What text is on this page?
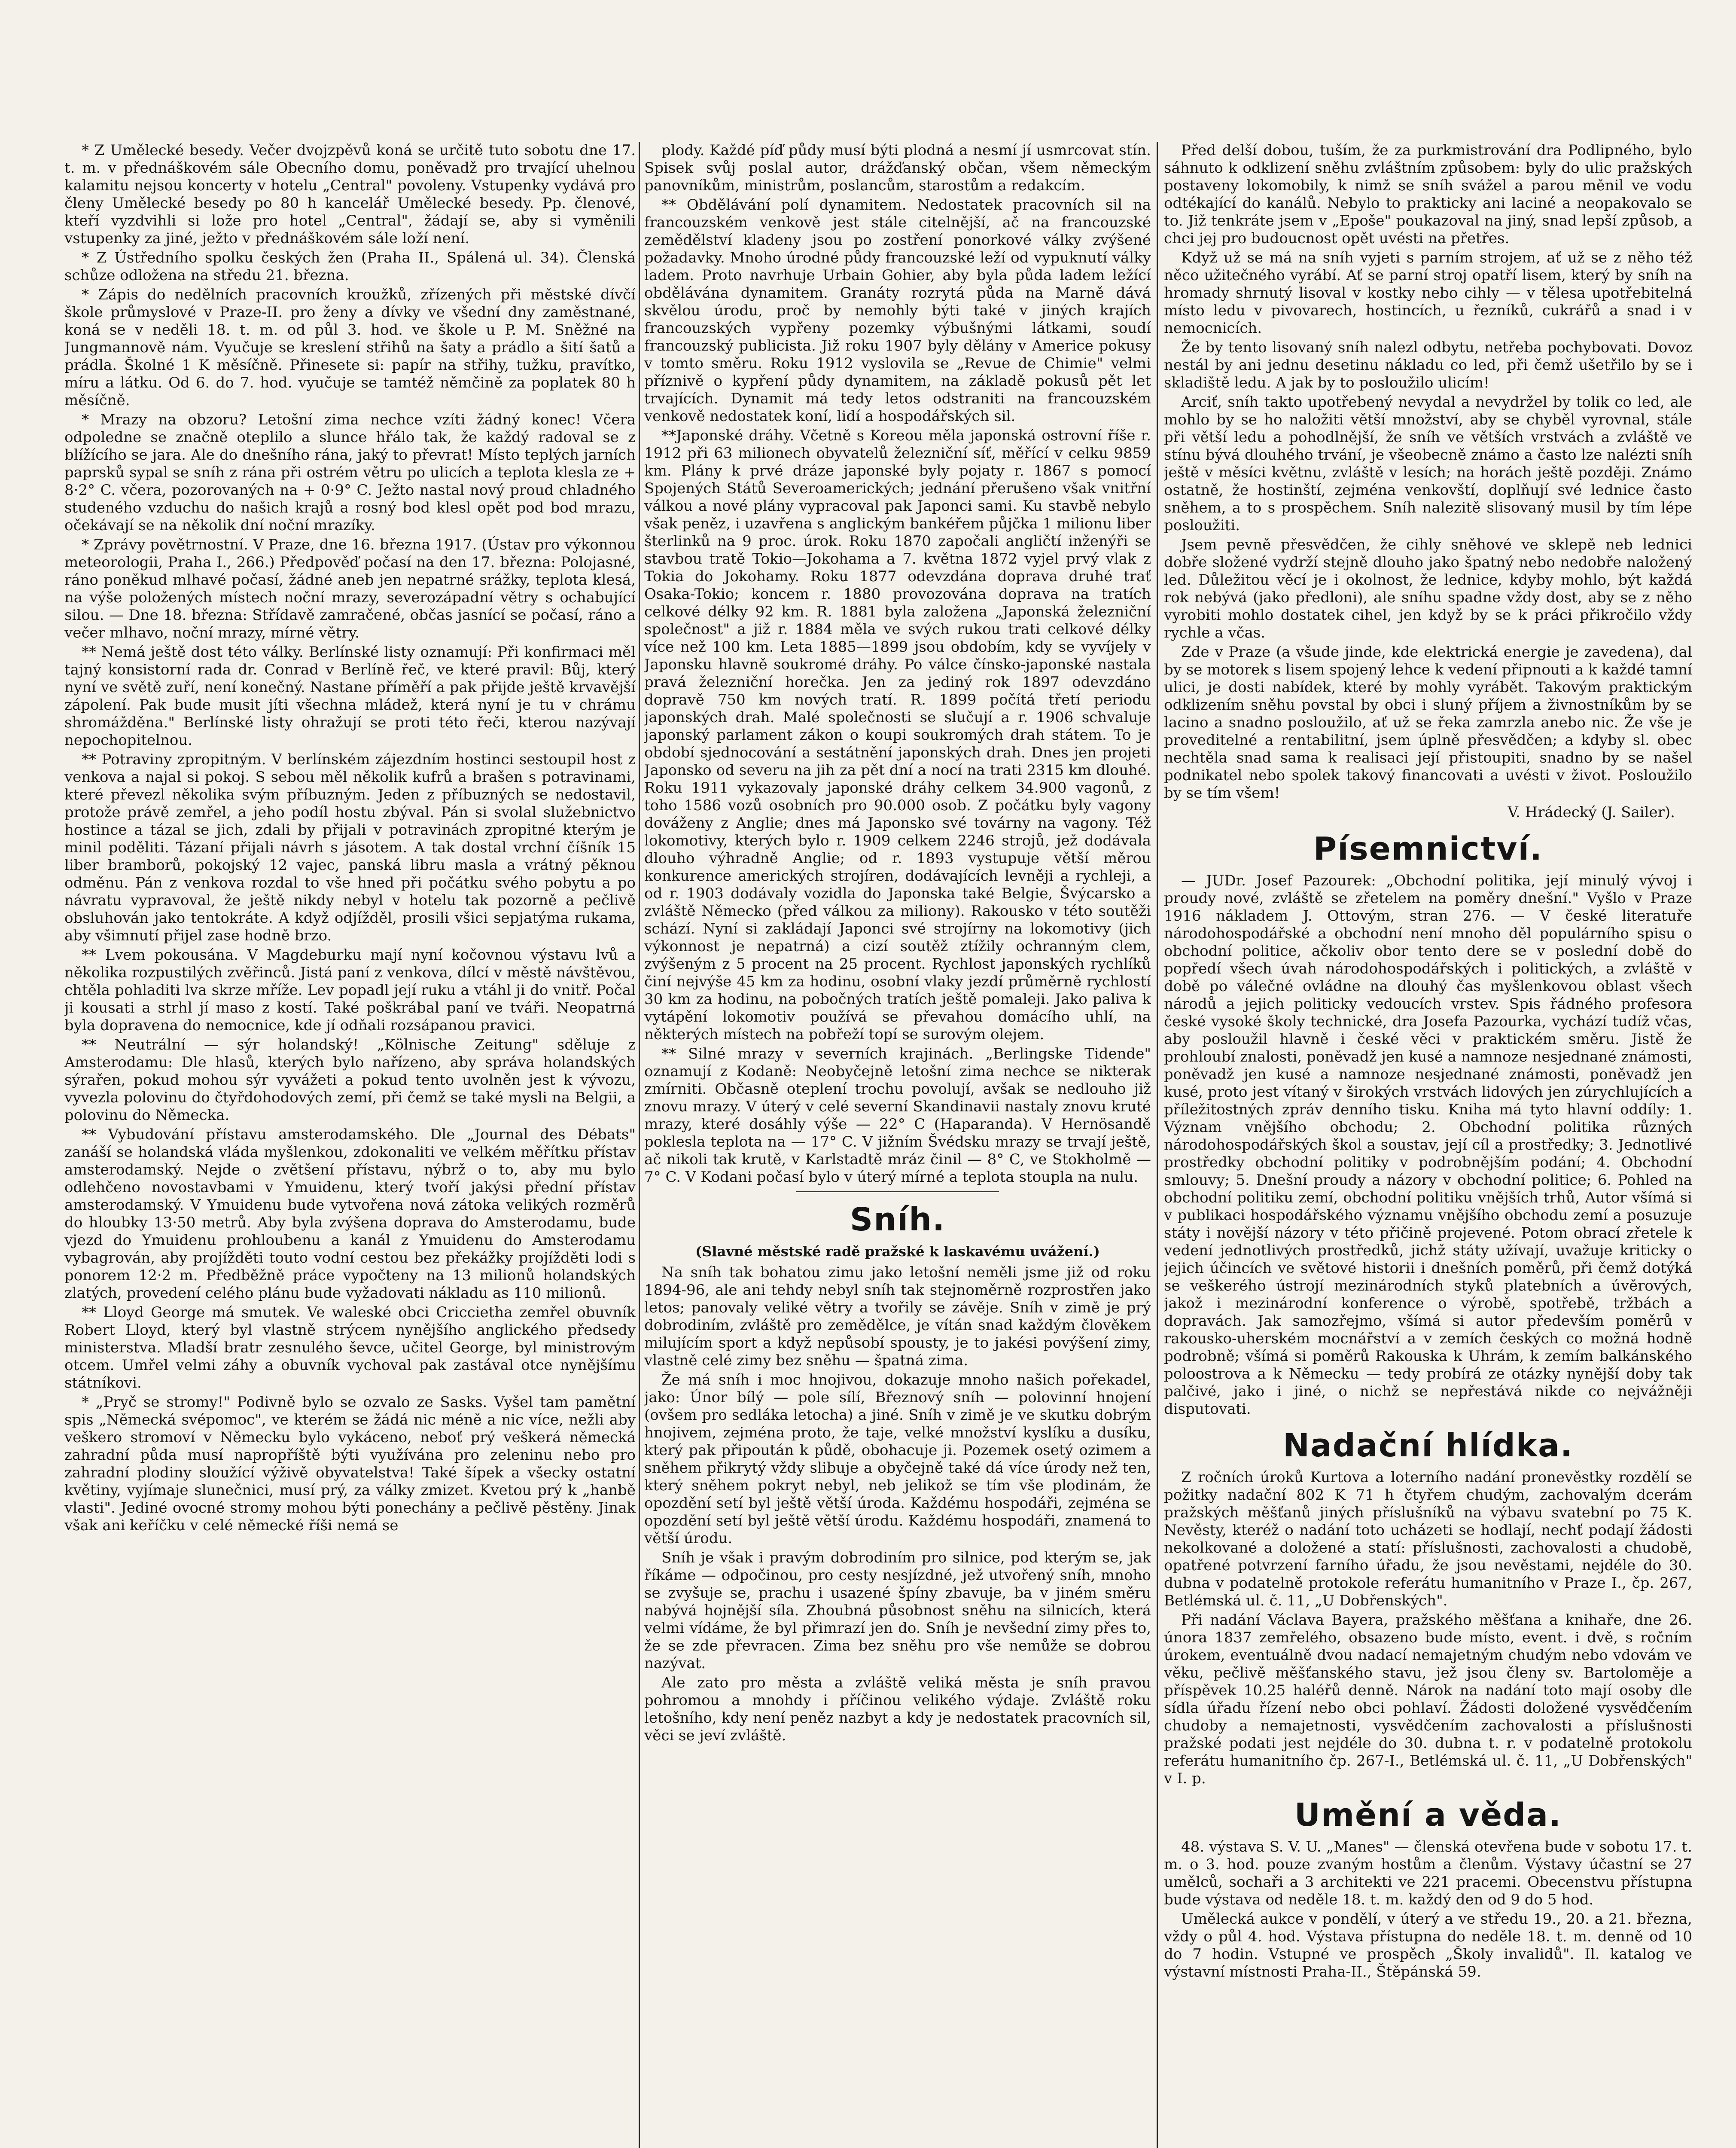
* Z Umělecké besedy. Večer dvojzpěvů koná se určitě tuto sobotu dne 17. t. m. v přednáškovém sále Obecního domu, poněvadž pro trvající uhelnou kalamitu nejsou koncerty v hotelu „Central" povoleny. Vstupenky vydává pro členy Umělecké besedy po 80 h kancelář Umělecké besedy. Pp. členové, kteří vyzdvihli si lože pro hotel „Central", žádají se, aby si vyměnili vstupenky za jiné, ježto v přednáškovém sále loží není.

* Z Ústředního spolku českých žen (Praha II., Spálená ul. 34). Členská schůze odložena na středu 21. března.

* Zápis do nedělních pracovních kroužků, zřízených při městské dívčí škole průmyslové v Praze-II. pro ženy a dívky ve všední dny zaměstnané, koná se v neděli 18. t. m. od půl 3. hod. ve škole u P. M. Sněžné na Jungmannově nám. Vyučuje se kreslení střihů na šaty a prádlo a šití šatů a prádla. Školné 1 K měsíčně. Přinesete si: papír na střihy, tužku, pravítko, míru a látku. Od 6. do 7. hod. vyučuje se tamtéž němčině za poplatek 80 h měsíčně.

* Mrazy na obzoru? Letošní zima nechce vzíti žádný konec! Včera odpoledne se značně oteplilo a slunce hřálo tak, že každý radoval se z blížícího se jara. Ale do dnešního rána, jaký to převrat! Místo teplých jarních paprsků sypal se sníh z rána při ostrém větru po ulicích a teplota klesla ze + 8·2° C. včera, pozorovaných na + 0·9° C. Ježto nastal nový proud chladného studeného vzduchu do našich krajů a rosný bod klesl opět pod bod mrazu, očekávají se na několik dní noční mrazíky.

* Zprávy povětrnostní. V Praze, dne 16. března 1917. (Ústav pro výkonnou meteorologii, Praha I., 266.) Předpověď počasí na den 17. března: Polojasné, ráno poněkud mlhavé počasí, žádné aneb jen nepatrné srážky, teplota klesá, na výše položených místech noční mrazy, severozápadní větry s ochabující silou. — Dne 18. března: Střídavě zamračené, občas jasnící se počasí, ráno a večer mlhavo, noční mrazy, mírné větry.

** Nemá ještě dost této války. Berlínské listy oznamují: Při konfirmaci měl tajný konsistorní rada dr. Conrad v Berlíně řeč, ve které pravil: Bůj, který nyní ve světě zuří, není konečný. Nastane příměří a pak přijde ještě krvavější zápolení. Pak bude musit jíti všechna mládež, která nyní je tu v chrámu shromážděna." Berlínské listy ohražují se proti této řeči, kterou nazývají nepochopitelnou.

** Potraviny zpropitným. V berlínském zájezdním hostinci sestoupil host z venkova a najal si pokoj. S sebou měl několik kufrů a brašen s potravinami, které převezl několika svým příbuzným. Jeden z příbuzných se nedostavil, protože právě zemřel, a jeho podíl hostu zbýval. Pán si svolal služebnictvo hostince a tázal se jich, zdali by přijali v potravinách zpropitné kterým je minil poděliti. Tázaní přijali návrh s jásotem. A tak dostal vrchní číšník 15 liber bramborů, pokojský 12 vajec, panská libru masla a vrátný pěknou odměnu. Pán z venkova rozdal to vše hned při počátku svého pobytu a po návratu vypravoval, že ještě nikdy nebyl v hotelu tak pozorně a pečlivě obsluhován jako tentokráte. A když odjížděl, prosili všici sepjatýma rukama, aby všimnutí přijel zase hodně brzo.

** Lvem pokousána. V Magdeburku mají nyní kočovnou výstavu lvů a několika rozpustilých zvěřinců. Jistá paní z venkova, dílcí v městě návštěvou, chtěla pohladiti lva skrze mříže. Lev popadl její ruku a vtáhl ji do vnitř. Počal ji kousati a strhl jí maso z kostí. Také poškrábal paní ve tváři. Neopatrná byla dopravena do nemocnice, kde jí odňali rozsápanou pravici.

** Neutrální — sýr holandský! „Kölnische Zeitung" sděluje z Amsterodamu: Dle hlasů, kterých bylo nařízeno, aby správa holandských sýrařen, pokud mohou sýr vyvážeti a pokud tento uvolněn jest k vývozu, vyvezla polovinu do čtyřdohodových zemí, při čemž se také mysli na Belgii, a polovinu do Německa.

** Vybudování přístavu amsterodamského. Dle „Journal des Débats" zanáší se holandská vláda myšlenkou, zdokonaliti ve velkém měřítku přístav amsterodamský. Nejde o zvětšení přístavu, nýbrž o to, aby mu bylo odlehčeno novostavbami v Ymuidenu, který tvoří jakýsi přední přístav amsterodamský. V Ymuidenu bude vytvořena nová zátoka velikých rozměrů do hloubky 13·50 metrů. Aby byla zvýšena doprava do Amsterodamu, bude vjezd do Ymuidenu prohloubenu a kanál z Ymuidenu do Amsterodamu vybagrován, aby projížděti touto vodní cestou bez překážky projížděti lodi s ponorem 12·2 m. Předběžně práce vypočteny na 13 milionů holandských zlatých, provedení celého plánu bude vyžadovati nákladu as 110 milionů.

** Lloyd George má smutek. Ve waleské obci Criccietha zemřel obuvník Robert Lloyd, který byl vlastně strýcem nynějšího anglického předsedy ministerstva. Mladší bratr zesnulého ševce, učitel George, byl ministrovým otcem. Umřel velmi záhy a obuvník vychoval pak zastával otce nynějšímu státníkovi.

* „Pryč se stromy!" Podivně bylo se ozvalo ze Sasks. Vyšel tam pamětní spis „Německá svépomoc", ve kterém se žádá nic méně a nic více, nežli aby veškero stromoví v Německu bylo vykáceno, neboť prý veškerá německá zahradní půda musí napropříště býti využívána pro zeleninu nebo pro zahradní plodiny sloužící výživě obyvatelstva! Také šípek a všecky ostatní květiny, vyjímaje slunečnici, musí prý, za války zmizet. Kvetou prý k „hanbě vlasti". Jediné ovocné stromy mohou býti ponechány a pečlivě pěstěny. Jinak však ani keříčku v celé německé říši nemá se

plody. Každé píď půdy musí býti plodná a nesmí jí usmrcovat stín. Spisek svůj poslal autor, drážďanský občan, všem německým panovníkům, ministrům, poslancům, starostům a redakcím.

** Obdělávání polí dynamitem. Nedostatek pracovních sil na francouzském venkově jest stále citelnější, ač na francouzské zemědělství kladeny jsou po zostření ponorkové války zvýšené požadavky. Mnoho úrodné půdy francouzské leží od vypuknutí války ladem. Proto navrhuje Urbain Gohier, aby byla půda ladem ležící obdělávána dynamitem. Granáty rozrytá půda na Marně dává skvělou úrodu, proč by nemohly býti také v jiných krajích francouzských vypřeny pozemky výbušnými látkami, soudí francouzský publicista. Již roku 1907 byly dělány v Americe pokusy v tomto směru. Roku 1912 vyslovila se „Revue de Chimie" velmi příznivě o kypření půdy dynamitem, na základě pokusů pět let trvajících. Dynamit má tedy letos odstraniti na francouzském venkově nedostatek koní, lidí a hospodářských sil.

**Japonské dráhy. Včetně s Koreou měla japonská ostrovní říše r. 1912 při 63 milionech obyvatelů železniční síť, měřící v celku 9859 km. Plány k prvé dráze japonské byly pojaty r. 1867 s pomocí Spojených Států Severoamerických; jednání přerušeno však vnitřní válkou a nové plány vypracoval pak Japonci sami. Ku stavbě nebylo však peněz, i uzavřena s anglickým bankéřem půjčka 1 milionu liber šterlinků na 9 proc. úrok. Roku 1870 započali angličtí inženýři se stavbou tratě Tokio—Jokohama a 7. května 1872 vyjel prvý vlak z Tokia do Jokohamy. Roku 1877 odevzdána doprava druhé trať Osaka-Tokio; koncem r. 1880 provozována doprava na tratích celkové délky 92 km. R. 1881 byla založena „Japonská železniční společnost" a již r. 1884 měla ve svých rukou trati celkové délky více než 100 km. Leta 1885—1899 jsou obdobím, kdy se vyvíjely v Japonsku hlavně soukromé dráhy. Po válce čínsko-japonské nastala pravá železniční horečka. Jen za jediný rok 1897 odevzdáno dopravě 750 km nových tratí. R. 1899 počítá třetí periodu japonských drah. Malé společnosti se slučují a r. 1906 schvaluje japonský parlament zákon o koupi soukromých drah státem. To je období sjednocování a sestátnění japonských drah. Dnes jen projeti Japonsko od severu na jih za pět dní a nocí na trati 2315 km dlouhé. Roku 1911 vykazovaly japonské dráhy celkem 34.900 vagonů, z toho 1586 vozů osobních pro 90.000 osob. Z počátku byly vagony dováženy z Anglie; dnes má Japonsko své továrny na vagony. Též lokomotivy, kterých bylo r. 1909 celkem 2246 strojů, jež dodávala dlouho výhradně Anglie; od r. 1893 vystupuje větší měrou konkurence amerických strojíren, dodávajících levněji a rychleji, a od r. 1903 dodávaly vozidla do Japonska také Belgie, Švýcarsko a zvláště Německo (před válkou za miliony). Rakousko v této soutěži schází. Nyní si zakládají Japonci své strojírny na lokomotivy (jich výkonnost je nepatrná) a cizí soutěž ztížily ochranným clem, zvýšeným z 5 procent na 25 procent. Rychlost japonských rychlíků činí nejvýše 45 km za hodinu, osobní vlaky jezdí průměrně rychlostí 30 km za hodinu, na pobočných tratích ještě pomaleji. Jako paliva k vytápění lokomotiv používá se převahou domácího uhlí, na některých místech na pobřeží topí se surovým olejem.

** Silné mrazy v severních krajinách. „Berlingske Tidende" oznamují z Kodaně: Neobyčejně letošní zima nechce se nikterak zmírniti. Občasně oteplení trochu povolují, avšak se nedlouho již znovu mrazy. V úterý v celé severní Skandinavii nastaly znovu kruté mrazy, které dosáhly výše — 22° C (Haparanda). V Hernösandě poklesla teplota na — 17° C. V jižním Švédsku mrazy se trvají ještě, ač nikoli tak krutě, v Karlstadtě mráz činil — 8° C, ve Stokholmě — 7° C. V Kodani počasí bylo v úterý mírné a teplota stoupla na nulu.

Sníh.
(Slavné městské radě pražské k laskavému uvážení.)

Na sníh tak bohatou zimu jako letošní neměli jsme již od roku 1894-96, ale ani tehdy nebyl sníh tak stejnoměrně rozprostřen jako letos; panovaly veliké větry a tvořily se závěje. Sníh v zimě je prý dobrodiním, zvláště pro zemědělce, je vítán snad každým člověkem milujícím sport a když nepůsobí spousty, je to jakési povýšení zimy, vlastně celé zimy bez sněhu — špatná zima.

Že má sníh i moc hnojivou, dokazuje mnoho našich pořekadel, jako: Únor bílý — pole sílí, Březnový sníh — polovinní hnojení (ovšem pro sedláka letocha) a jiné. Sníh v zimě je ve skutku dobrým hnojivem, zejména proto, že taje, velké množství kyslíku a dusíku, který pak připoután k půdě, obohacuje ji. Pozemek osetý ozimem a sněhem přikrytý vždy slibuje a obyčejně také dá více úrody než ten, který sněhem pokryt nebyl, neb jelikož se tím vše plodinám, že opozdění setí byl ještě větší úroda. Každému hospodáři, zejména se opozdění setí byl ještě větší úrodu. Každému hospodáři, znamená to větší úrodu.

Sníh je však i pravým dobrodiním pro silnice, pod kterým se, jak říkáme — odpočinou, pro cesty nesjízdné, jež utvořený sníh, mnoho se zvyšuje se, prachu i usazené špíny zbavuje, ba v jiném směru nabývá hojnější síla. Zhoubná působnost sněhu na silnicích, která velmi vídáme, že byl přimrazí jen do. Sníh je nevšední zimy přes to, že se zde převracen. Zima bez sněhu pro vše nemůže se dobrou nazývat.

Ale zato pro města a zvláště veliká města je sníh pravou pohromou a mnohdy i příčinou velikého výdaje. Zvláště roku letošního, kdy není peněz nazbyt a kdy je nedostatek pracovních sil, věci se jeví zvláště.

Před delší dobou, tuším, že za purkmistrování dra Podlipného, bylo sáhnuto k odklizení sněhu zvláštním způsobem: byly do ulic pražských postaveny lokomobily, k nimž se sníh svážel a parou měnil ve vodu odtékající do kanálů. Nebylo to prakticky ani laciné a neopakovalo se to. Již tenkráte jsem v „Epoše" poukazoval na jiný, snad lepší způsob, a chci jej pro budoucnost opět uvésti na přetřes.

Když už se má na sníh vyjeti s parním strojem, ať už se z něho též něco užitečného vyrábí. Ať se parní stroj opatří lisem, který by sníh na hromady shrnutý lisoval v kostky nebo cihly — v tělesa upotřebitelná místo ledu v pivovarech, hostincích, u řezníků, cukrářů a snad i v nemocnicích.

Že by tento lisovaný sníh nalezl odbytu, netřeba pochybovati. Dovoz nestál by ani jednu desetinu nákladu co led, při čemž ušetřilo by se i skladiště ledu. A jak by to posloužilo ulicím!

Arciť, sníh takto upotřebený nevydal a nevydržel by tolik co led, ale mohlo by se ho naložiti větší množství, aby se chyběl vyrovnal, stále při větší ledu a pohodlnější, že sníh ve větších vrstvách a zvláště ve stínu bývá dlouhého trvání, je všeobecně známo a často lze nalézti sníh ještě v měsíci květnu, zvláště v lesích; na horách ještě později. Známo ostatně, že hostinští, zejména venkovští, doplňují své lednice často sněhem, a to s prospěchem. Sníh nalezitě slisovaný musil by tím lépe posloužiti.

Jsem pevně přesvědčen, že cihly sněhové ve sklepě neb lednici dobře složené vydrží stejně dlouho jako špatný nebo nedobře naložený led. Důležitou věcí je i okolnost, že lednice, kdyby mohlo, být každá rok nebývá (jako předloni), ale sníhu spadne vždy dost, aby se z něho vyrobiti mohlo dostatek cihel, jen když by se k práci přikročilo vždy rychle a včas.

Zde v Praze (a všude jinde, kde elektrická energie je zavedena), dal by se motorek s lisem spojený lehce k vedení připnouti a k každé tamní ulici, je dosti nabídek, které by mohly vyrábět. Takovým praktickým odklizením sněhu povstal by obci i sluný příjem a živnostníkům by se lacino a snadno posloužilo, ať už se řeka zamrzla anebo nic. Že vše je proveditelné a rentabilitní, jsem úplně přesvědčen; a kdyby sl. obec nechtěla snad sama k realisaci její přistoupiti, snadno by se našel podnikatel nebo spolek takový financovati a uvésti v život. Posloužilo by se tím všem!

V. Hrádecký (J. Sailer).
Písemnictví.

— JUDr. Josef Pazourek: „Obchodní politika, její minulý vývoj i proudy nové, zvláště se zřetelem na poměry dnešní." Vyšlo v Praze 1916 nákladem J. Ottovým, stran 276. — V české literatuře národohospodářské a obchodní není mnoho děl populárního spisu o obchodní politice, ačkoliv obor tento dere se v poslední době do popředí všech úvah národohospodářských i politických, a zvláště v době po válečné ovládne na dlouhý čas myšlenkovou oblast všech národů a jejich politicky vedoucích vrstev. Spis řádného profesora české vysoké školy technické, dra Josefa Pazourka, vychází tudíž včas, aby posloužil hlavně i české věci v praktickém směru. Jistě že prohloubí znalosti, poněvadž jen kusé a namnoze nesjednané známosti, poněvadž jen kusé a namnoze nesjednané známosti, poněvadž jen kusé, proto jest vítaný v širokých vrstvách lidových jen zúrychlujících a příležitostných zpráv denního tisku. Kniha má tyto hlavní oddíly: 1. Význam vnějšího obchodu; 2. Obchodní politika různých národohospodářských škol a soustav, její cíl a prostředky; 3. Jednotlivé prostředky obchodní politiky v podrobnějším podání; 4. Obchodní smlouvy; 5. Dnešní proudy a názory v obchodní politice; 6. Pohled na obchodní politiku zemí, obchodní politiku vnějších trhů, Autor všímá si v publikaci hospodářského významu vnějšího obchodu zemí a posuzuje státy i novější názory v této přičině projevené. Potom obrací zřetele k vedení jednotlivých prostředků, jichž státy užívají, uvažuje kriticky o jejich účincích ve světové historii i dnešních poměrů, při čemž dotýká se veškerého ústrojí mezinárodních styků platebních a úvěrových, jakož i mezinárodní konference o výrobě, spotřebě, tržbách a dopravách. Jak samozřejmo, všímá si autor především poměrů v rakousko-uherském mocnářství a v zemích českých co možná hodně podrobně; všímá si poměrů Rakouska k Uhrám, k zemím balkánského poloostrova a k Německu — tedy probírá ze otázky nynější doby tak palčivé, jako i jiné, o nichž se nepřestává nikde co nejvážněji disputovati.

Nadační hlídka.

Z ročních úroků Kurtova a loterního nadání pronevěstky rozdělí se požitky nadační 802 K 71 h čtyřem chudým, zachovalým dcerám pražských měšťanů jiných příslušníků na výbavu svatební po 75 K. Nevěsty, kteréž o nadání toto ucházeti se hodlají, nechť podají žádosti nekolkované a doložené a statí: příslušnosti, zachovalosti a chudobě, opatřené potvrzení farního úřadu, že jsou nevěstami, nejdéle do 30. dubna v podatelně protokole referátu humanitního v Praze I., čp. 267, Betlémská ul. č. 11, „U Dobřenských".

Při nadání Václava Bayera, pražského měšťana a knihaře, dne 26. února 1837 zemřelého, obsazeno bude místo, event. i dvě, s ročním úrokem, eventuálně dvou nadací nemajetným chudým nebo vdovám ve věku, pečlivě měšťanského stavu, jež jsou členy sv. Bartoloměje a příspěvek 10.25 haléřů denně. Nárok na nadání toto mají osoby dle sídla úřadu řízení nebo obci pohlaví. Žádosti doložené vysvědčením chudoby a nemajetnosti, vysvědčením zachovalosti a příslušnosti pražské podati jest nejdéle do 30. dubna t. r. v podatelně protokolu referátu humanitního čp. 267-I., Betlémská ul. č. 11, „U Dobřenských" v I. p.

Umění a věda.

48. výstava S. V. U. „Manes" — členská otevřena bude v sobotu 17. t. m. o 3. hod. pouze zvaným hostům a členům. Výstavy účastní se 27 umělců, sochaři a 3 architekti ve 221 pracemi. Obecenstvu přístupna bude výstava od neděle 18. t. m. každý den od 9 do 5 hod.

Umělecká aukce v pondělí, v úterý a ve středu 19., 20. a 21. března, vždy o půl 4. hod. Výstava přístupna do neděle 18. t. m. denně od 10 do 7 hodin. Vstupné ve prospěch „Školy invalidů". Il. katalog ve výstavní místnosti Praha-II., Štěpánská 59.
